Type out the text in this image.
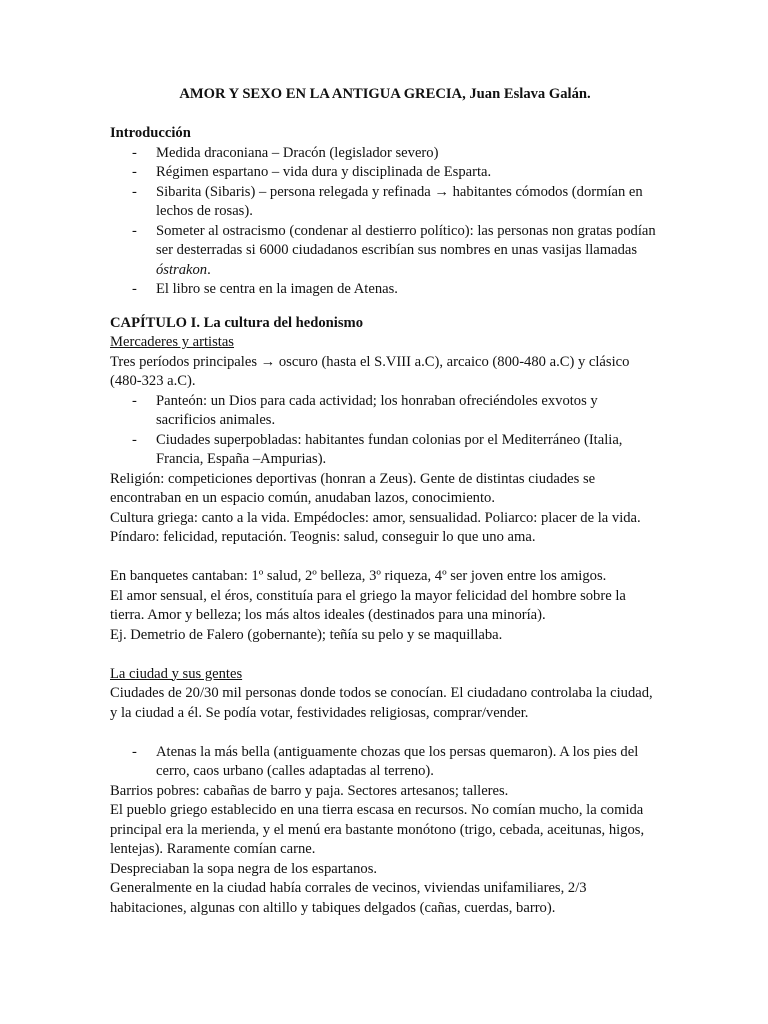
AMOR Y SEXO EN LA ANTIGUA GRECIA, Juan Eslava Galán.
Introducción
- Medida draconiana – Dracón (legislador severo)
- Régimen espartano – vida dura y disciplinada de Esparta.
- Sibarita (Sibaris) – persona relegada y refinada → habitantes cómodos (dormían en lechos de rosas).
- Someter al ostracismo (condenar al destierro político): las personas non gratas podían ser desterradas si 6000 ciudadanos escribían sus nombres en unas vasijas llamadas óstrakon.
- El libro se centra en la imagen de Atenas.
CAPÍTULO I. La cultura del hedonismo
Mercaderes y artistas
Tres períodos principales → oscuro (hasta el S.VIII a.C), arcaico (800-480 a.C) y clásico (480-323 a.C).
- Panteón: un Dios para cada actividad; los honraban ofreciéndoles exvotos y sacrificios animales.
- Ciudades superpobladas: habitantes fundan colonias por el Mediterráneo (Italia, Francia, España –Ampurias).
Religión: competiciones deportivas (honran a Zeus). Gente de distintas ciudades se encontraban en un espacio común, anudaban lazos, conocimiento.
Cultura griega: canto a la vida. Empédocles: amor, sensualidad. Poliarco: placer de la vida. Píndaro: felicidad, reputación. Teognis: salud, conseguir lo que uno ama.
En banquetes cantaban: 1º salud, 2º belleza, 3º riqueza, 4º ser joven entre los amigos.
El amor sensual, el éros, constituía para el griego la mayor felicidad del hombre sobre la tierra. Amor y belleza; los más altos ideales (destinados para una minoría).
Ej. Demetrio de Falero (gobernante); teñía su pelo y se maquillaba.
La ciudad y sus gentes
Ciudades de 20/30 mil personas donde todos se conocían. El ciudadano controlaba la ciudad, y la ciudad a él. Se podía votar, festividades religiosas, comprar/vender.
- Atenas la más bella (antiguamente chozas que los persas quemaron). A los pies del cerro, caos urbano (calles adaptadas al terreno).
Barrios pobres: cabañas de barro y paja. Sectores artesanos; talleres.
El pueblo griego establecido en una tierra escasa en recursos. No comían mucho, la comida principal era la merienda, y el menú era bastante monótono (trigo, cebada, aceitunas, higos, lentejas). Raramente comían carne.
Despreciaban la sopa negra de los espartanos.
Generalmente en la ciudad había corrales de vecinos, viviendas unifamiliares, 2/3 habitaciones, algunas con altillo y tabiques delgados (cañas, cuerdas, barro).
